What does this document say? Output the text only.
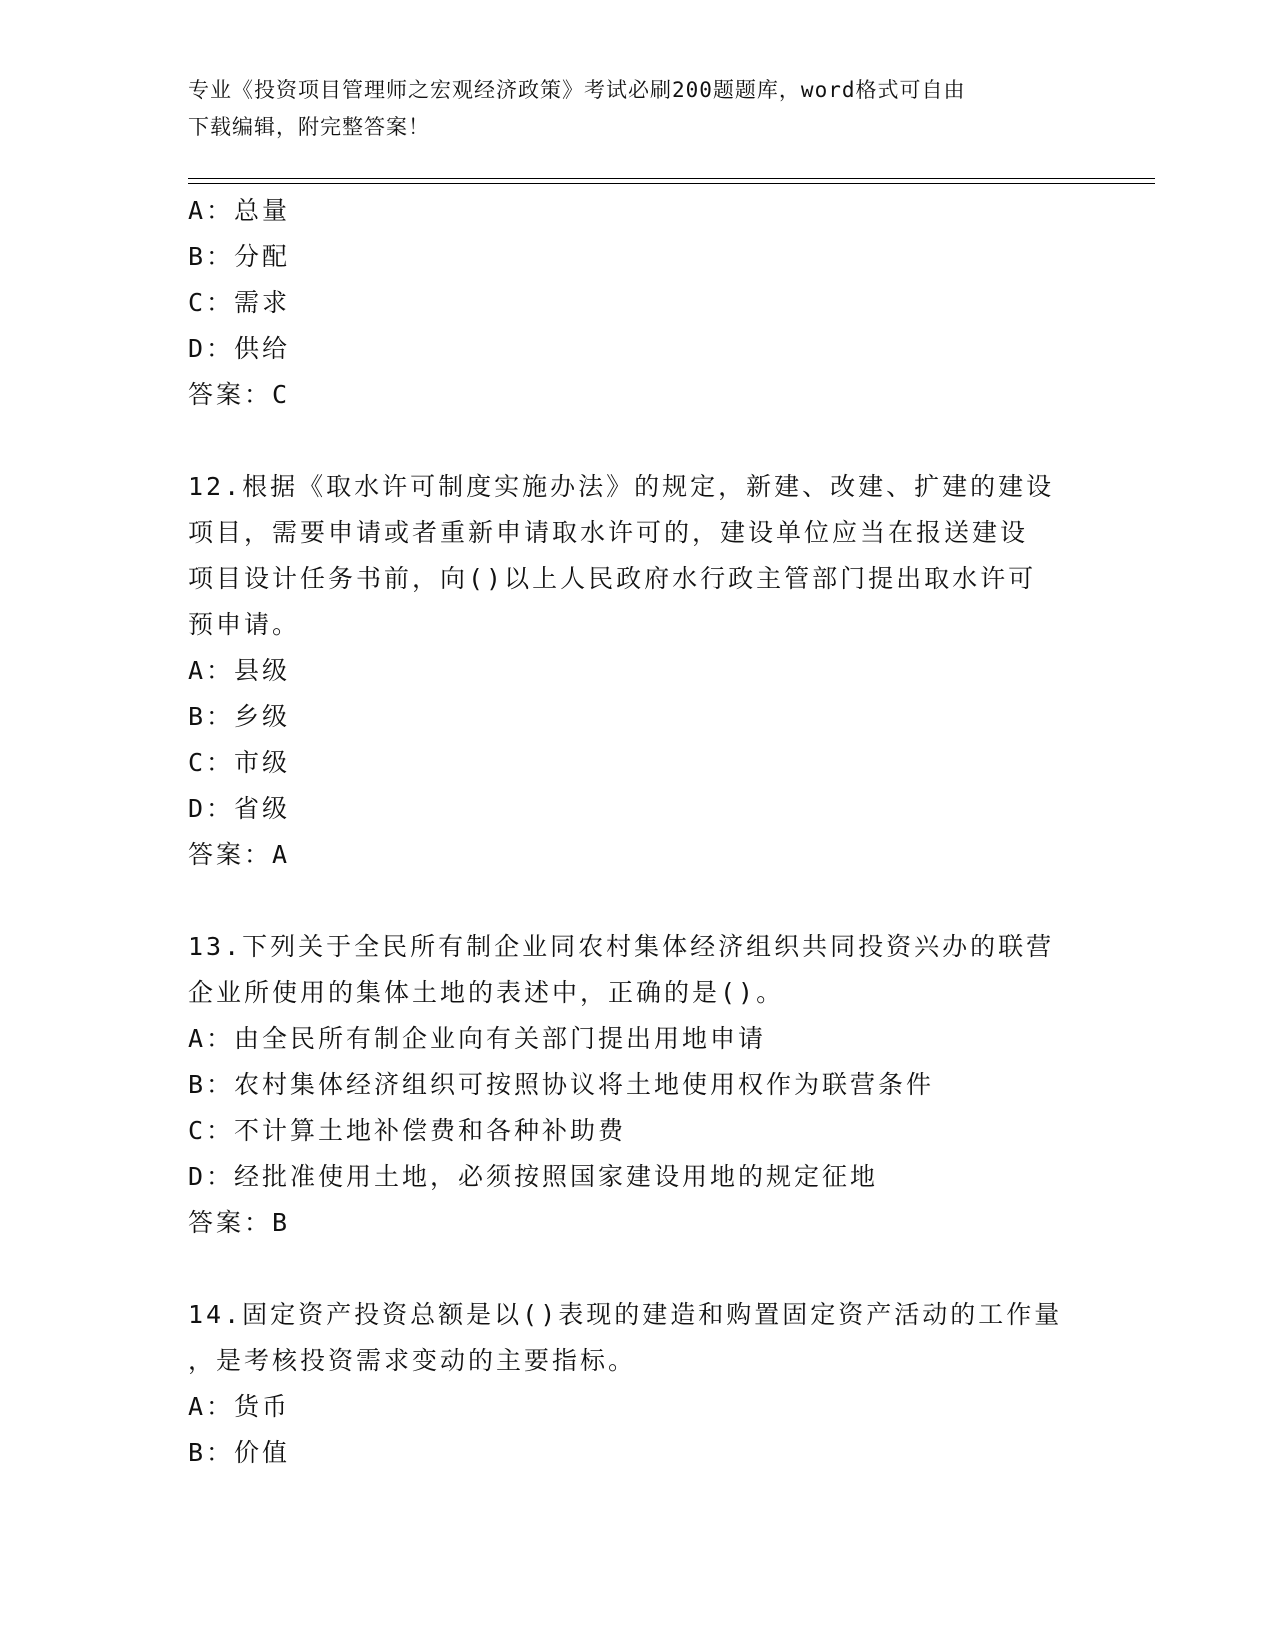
专业《投资项目管理师之宏观经济政策》考试必刷200题题库，word格式可自由
下载编辑，附完整答案！
A：总量
B：分配
C：需求
D：供给
答案：C
12.根据《取水许可制度实施办法》的规定，新建、改建、扩建的建设
项目，需要申请或者重新申请取水许可的，建设单位应当在报送建设
项目设计任务书前，向()以上人民政府水行政主管部门提出取水许可
预申请。
A：县级
B：乡级
C：市级
D：省级
答案：A
13.下列关于全民所有制企业同农村集体经济组织共同投资兴办的联营
企业所使用的集体土地的表述中，正确的是()。
A：由全民所有制企业向有关部门提出用地申请
B：农村集体经济组织可按照协议将土地使用权作为联营条件
C：不计算土地补偿费和各种补助费
D：经批准使用土地，必须按照国家建设用地的规定征地
答案：B
14.固定资产投资总额是以()表现的建造和购置固定资产活动的工作量
，是考核投资需求变动的主要指标。
A：货币
B：价值
